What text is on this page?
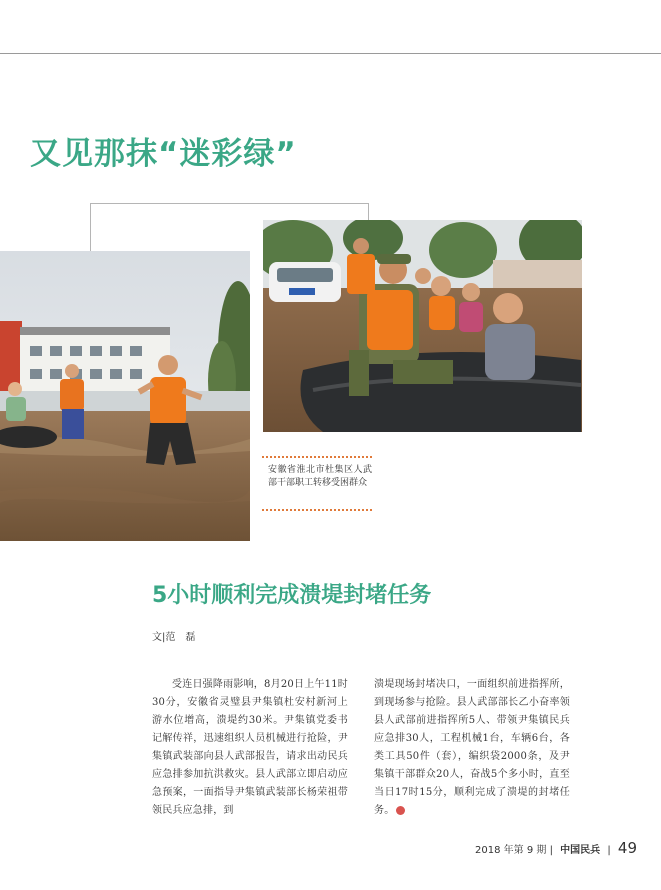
又见那抹“迷彩绿”
安徽省淮北市杜集区人武部干部职工转移受困群众
5小时顺利完成溃堤封堵任务
文|范　磊
受连日强降雨影响，8月20日上午11时30分，安徽省灵璧县尹集镇杜安村新河上游水位增高，溃堤约30米。尹集镇党委书记解传祥，迅速组织人员机械进行抢险，尹集镇武装部向县人武部报告，请求出动民兵应急排参加抗洪救灾。县人武部立即启动应急预案，一面指导尹集镇武装部长杨荣祖带领民兵应急排，到
溃堤现场封堵决口，一面组织前进指挥所，到现场参与抢险。县人武部部长乙小奋率领县人武部前进指挥所5人、带领尹集镇民兵应急排30人，工程机械1台，车辆6台，各类工具50件（套），编织袋2000条，及尹集镇干部群众20人，奋战5个多小时，直至当日17时15分，顺利完成了溃堤的封堵任务。
2018 年第 9 期 | 中国民兵 | 49
